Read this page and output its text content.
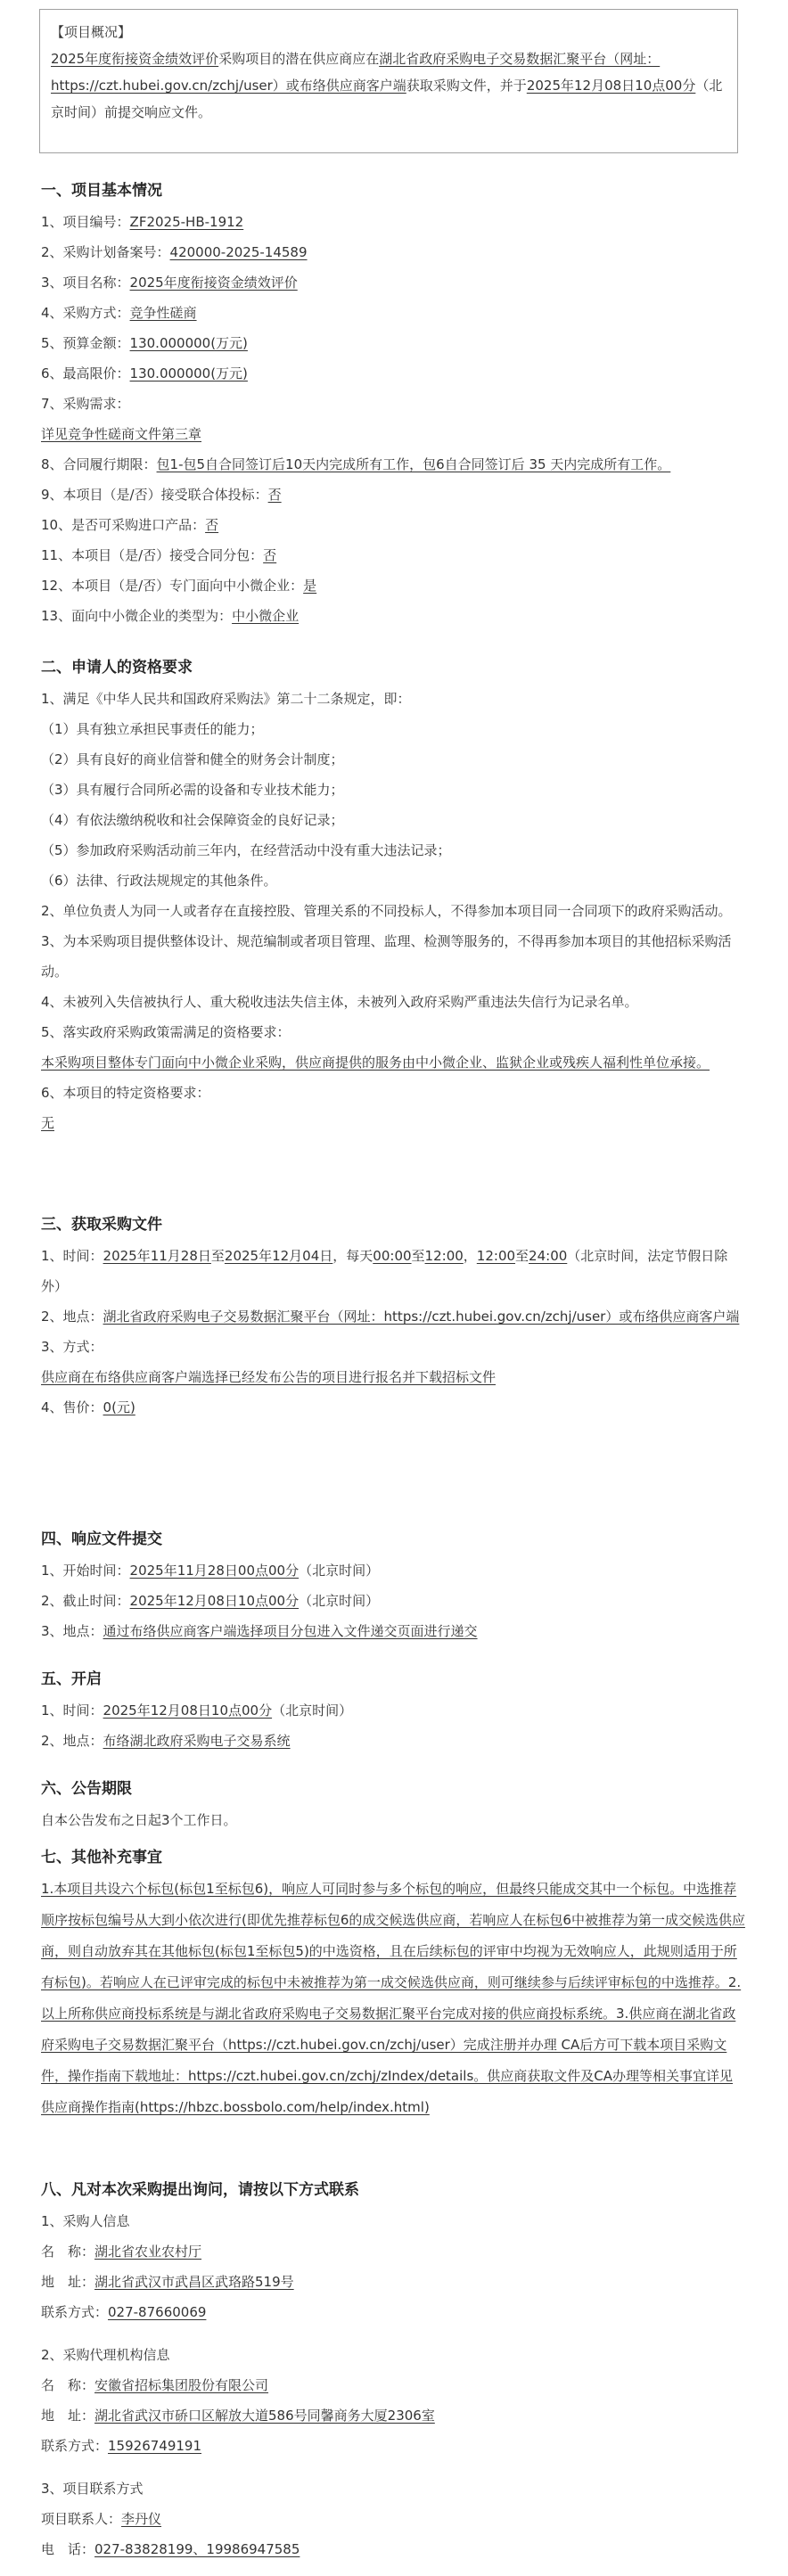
【项目概况】

2025年度衔接资金绩效评价采购项目的潜在供应商应在湖北省政府采购电子交易数据汇聚平台（网址：https://czt.hubei.gov.cn/zchj/user）或布络供应商客户端获取采购文件，并于2025年12月08日10点00分（北京时间）前提交响应文件。

一、项目基本情况

1、项目编号：ZF2025-HB-1912

2、采购计划备案号：420000-2025-14589

3、项目名称：2025年度衔接资金绩效评价

4、采购方式：竞争性磋商

5、预算金额：130.000000(万元)

6、最高限价：130.000000(万元)

7、采购需求：

详见竞争性磋商文件第三章

8、合同履行期限：包1-包5自合同签订后10天内完成所有工作，包6自合同签订后 35 天内完成所有工作。

9、本项目（是/否）接受联合体投标：否

10、是否可采购进口产品：否

11、本项目（是/否）接受合同分包：否

12、本项目（是/否）专门面向中小微企业：是

13、面向中小微企业的类型为：中小微企业

二、申请人的资格要求

1、满足《中华人民共和国政府采购法》第二十二条规定，即：

（1）具有独立承担民事责任的能力；

（2）具有良好的商业信誉和健全的财务会计制度；

（3）具有履行合同所必需的设备和专业技术能力；

（4）有依法缴纳税收和社会保障资金的良好记录；

（5）参加政府采购活动前三年内，在经营活动中没有重大违法记录；

（6）法律、行政法规规定的其他条件。

2、单位负责人为同一人或者存在直接控股、管理关系的不同投标人，不得参加本项目同一合同项下的政府采购活动。

3、为本采购项目提供整体设计、规范编制或者项目管理、监理、检测等服务的，不得再参加本项目的其他招标采购活动。

4、未被列入失信被执行人、重大税收违法失信主体，未被列入政府采购严重违法失信行为记录名单。

5、落实政府采购政策需满足的资格要求：

本采购项目整体专门面向中小微企业采购，供应商提供的服务由中小微企业、监狱企业或残疾人福利性单位承接。

6、本项目的特定资格要求：

无

三、获取采购文件

1、时间：2025年11月28日至2025年12月04日，每天00:00至12:00，12:00至24:00（北京时间，法定节假日除外）

2、地点：湖北省政府采购电子交易数据汇聚平台（网址：https://czt.hubei.gov.cn/zchj/user）或布络供应商客户端

3、方式：

供应商在布络供应商客户端选择已经发布公告的项目进行报名并下载招标文件

4、售价：0(元)

四、响应文件提交

1、开始时间：2025年11月28日00点00分（北京时间）

2、截止时间：2025年12月08日10点00分（北京时间）

3、地点：通过布络供应商客户端选择项目分包进入文件递交页面进行递交

五、开启

1、时间：2025年12月08日10点00分（北京时间）

2、地点：布络湖北政府采购电子交易系统

六、公告期限

自本公告发布之日起3个工作日。

七、其他补充事宜

1.本项目共设六个标包(标包1至标包6)，响应人可同时参与多个标包的响应，但最终只能成交其中一个标包。中选推荐顺序按标包编号从大到小依次进行(即优先推荐标包6的成交候选供应商，若响应人在标包6中被推荐为第一成交候选供应商，则自动放弃其在其他标包(标包1至标包5)的中选资格，且在后续标包的评审中均视为无效响应人，此规则适用于所有标包)。若响应人在已评审完成的标包中未被推荐为第一成交候选供应商，则可继续参与后续评审标包的中选推荐。2.以上所称供应商投标系统是与湖北省政府采购电子交易数据汇聚平台完成对接的供应商投标系统。3.供应商在湖北省政府采购电子交易数据汇聚平台（https://czt.hubei.gov.cn/zchj/user）完成注册并办理 CA后方可下载本项目采购文件，操作指南下载地址：https://czt.hubei.gov.cn/zchj/zIndex/details。供应商获取文件及CA办理等相关事宜详见供应商操作指南(https://hbzc.bossbolo.com/help/index.html)

八、凡对本次采购提出询问，请按以下方式联系

1、采购人信息

名　称：湖北省农业农村厅

地　址：湖北省武汉市武昌区武珞路519号

联系方式：027-87660069

2、采购代理机构信息

名　称：安徽省招标集团股份有限公司

地　址：湖北省武汉市硚口区解放大道586号同馨商务大厦2306室

联系方式：15926749191

3、项目联系方式

项目联系人：李丹仪

电　话：027-83828199、19986947585
